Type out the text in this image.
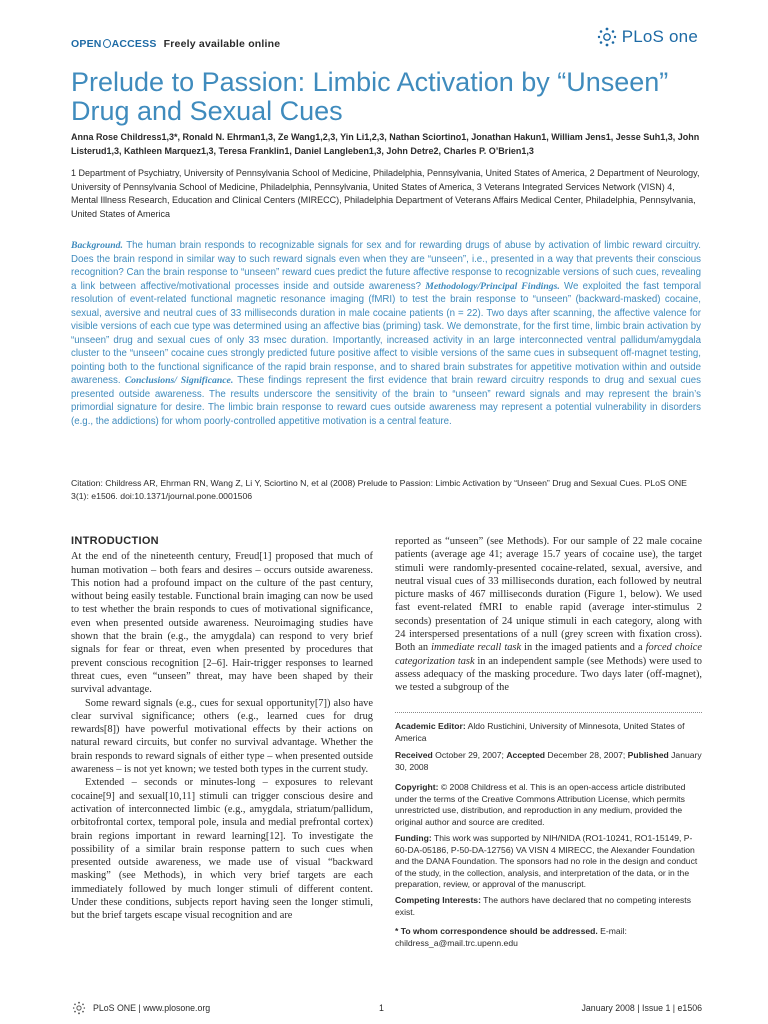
OPEN ACCESS Freely available online	PLoS one
Prelude to Passion: Limbic Activation by “Unseen” Drug and Sexual Cues
Anna Rose Childress1,3*, Ronald N. Ehrman1,3, Ze Wang1,2,3, Yin Li1,2,3, Nathan Sciortino1, Jonathan Hakun1, William Jens1, Jesse Suh1,3, John
Listerud1,3, Kathleen Marquez1,3, Teresa Franklin1, Daniel Langleben1,3, John Detre2, Charles P. O’Brien1,3
1 Department of Psychiatry, University of Pennsylvania School of Medicine, Philadelphia, Pennsylvania, United States of America, 2 Department of Neurology, University of Pennsylvania School of Medicine, Philadelphia, Pennsylvania, United States of America, 3 Veterans Integrated Services Network (VISN) 4, Mental Illness Research, Education and Clinical Centers (MIRECC), Philadelphia Department of Veterans Affairs Medical Center, Philadelphia, Pennsylvania, United States of America
Background. The human brain responds to recognizable signals for sex and for rewarding drugs of abuse by activation of limbic reward circuitry. Does the brain respond in similar way to such reward signals even when they are “unseen”, i.e., presented in a way that prevents their conscious recognition? Can the brain response to “unseen” reward cues predict the future affective response to recognizable versions of such cues, revealing a link between affective/motivational processes inside and outside awareness? Methodology/Principal Findings. We exploited the fast temporal resolution of event-related functional magnetic resonance imaging (fMRI) to test the brain response to “unseen” (backward-masked) cocaine, sexual, aversive and neutral cues of 33 milliseconds duration in male cocaine patients (n = 22). Two days after scanning, the affective valence for visible versions of each cue type was determined using an affective bias (priming) task. We demonstrate, for the first time, limbic brain activation by “unseen” drug and sexual cues of only 33 msec duration. Importantly, increased activity in an large interconnected ventral pallidum/amygdala cluster to the “unseen” cocaine cues strongly predicted future positive affect to visible versions of the same cues in subsequent off-magnet testing, pointing both to the functional significance of the rapid brain response, and to shared brain substrates for appetitive motivation within and outside awareness. Conclusions/ Significance. These findings represent the first evidence that brain reward circuitry responds to drug and sexual cues presented outside awareness. The results underscore the sensitivity of the brain to “unseen” reward signals and may represent the brain’s primordial signature for desire. The limbic brain response to reward cues outside awareness may represent a potential vulnerability in disorders (e.g., the addictions) for whom poorly-controlled appetitive motivation is a central feature.
Citation: Childress AR, Ehrman RN, Wang Z, Li Y, Sciortino N, et al (2008) Prelude to Passion: Limbic Activation by “Unseen” Drug and Sexual Cues. PLoS ONE 3(1): e1506. doi:10.1371/journal.pone.0001506
INTRODUCTION

At the end of the nineteenth century, Freud[1] proposed that much of human motivation – both fears and desires – occurs outside awareness. This notion had a profound impact on the culture of the past century, without being easily testable. Functional brain imaging can now be used to test whether the brain responds to cues of motivational significance, even when presented outside awareness. Neuroimaging studies have shown that the brain (e.g., the amygdala) can respond to very brief signals for fear or threat, even when presented by procedures that prevent conscious recognition [2–6]. Hair-trigger responses to learned threat cues, even “unseen” threat, may have been shaped by their survival advantage.

Some reward signals (e.g., cues for sexual opportunity[7]) also have clear survival significance; others (e.g., learned cues for drug rewards[8]) have powerful motivational effects by their actions on natural reward circuits, but confer no survival advantage. Whether the brain responds to reward signals of either type – when presented outside awareness – is not yet known; we tested both types in the current study.

Extended – seconds or minutes-long – exposures to relevant cocaine[9] and sexual[10,11] stimuli can trigger conscious desire and activation of interconnected limbic (e.g., amygdala, striatum/pallidum, orbitofrontal cortex, temporal pole, insula and medial prefrontal cortex) brain regions important in reward learning[12]. To investigate the possibility of a similar brain response pattern to such cues when presented outside awareness, we made use of visual “backward masking” (see Methods), in which very brief targets are each immediately followed by much longer stimuli of different content. Under these conditions, subjects report having seen the longer stimuli, but the brief targets escape visual recognition and are

reported as “unseen” (see Methods). For our sample of 22 male cocaine patients (average age 41; average 15.7 years of cocaine use), the target stimuli were randomly-presented cocaine-related, sexual, aversive, and neutral visual cues of 33 milliseconds duration, each followed by neutral picture masks of 467 milliseconds duration (Figure 1, below). We used fast event-related fMRI to enable rapid (average inter-stimulus 2 seconds) presentation of 24 unique stimuli in each category, along with 24 interspersed presentations of a null (grey screen with fixation cross). Both an immediate recall task in the imaged patients and a forced choice categorization task in an independent sample (see Methods) were used to assess adequacy of the masking procedure. Two days later (off-magnet), we tested a subgroup of the

Academic Editor: Aldo Rustichini, University of Minnesota, United States of America
Received October 29, 2007; Accepted December 28, 2007; Published January 30, 2008
Copyright: © 2008 Childress et al. This is an open-access article distributed under the terms of the Creative Commons Attribution License, which permits unrestricted use, distribution, and reproduction in any medium, provided the original author and source are credited.
Funding: This work was supported by NIH/NIDA (RO1-10241, RO1-15149, P-60-DA-05186, P-50-DA-12756) VA VISN 4 MIRECC, the Alexander Foundation and the DANA Foundation. The sponsors had no role in the design and conduct of the study, in the collection, analysis, and interpretation of the data, or in the preparation, review, or approval of the manuscript.
Competing Interests: The authors have declared that no competing interests exist.
* To whom correspondence should be addressed. E-mail: childress_a@mail.trc.upenn.edu
PLoS ONE | www.plosone.org	1	January 2008 | Issue 1 | e1506
